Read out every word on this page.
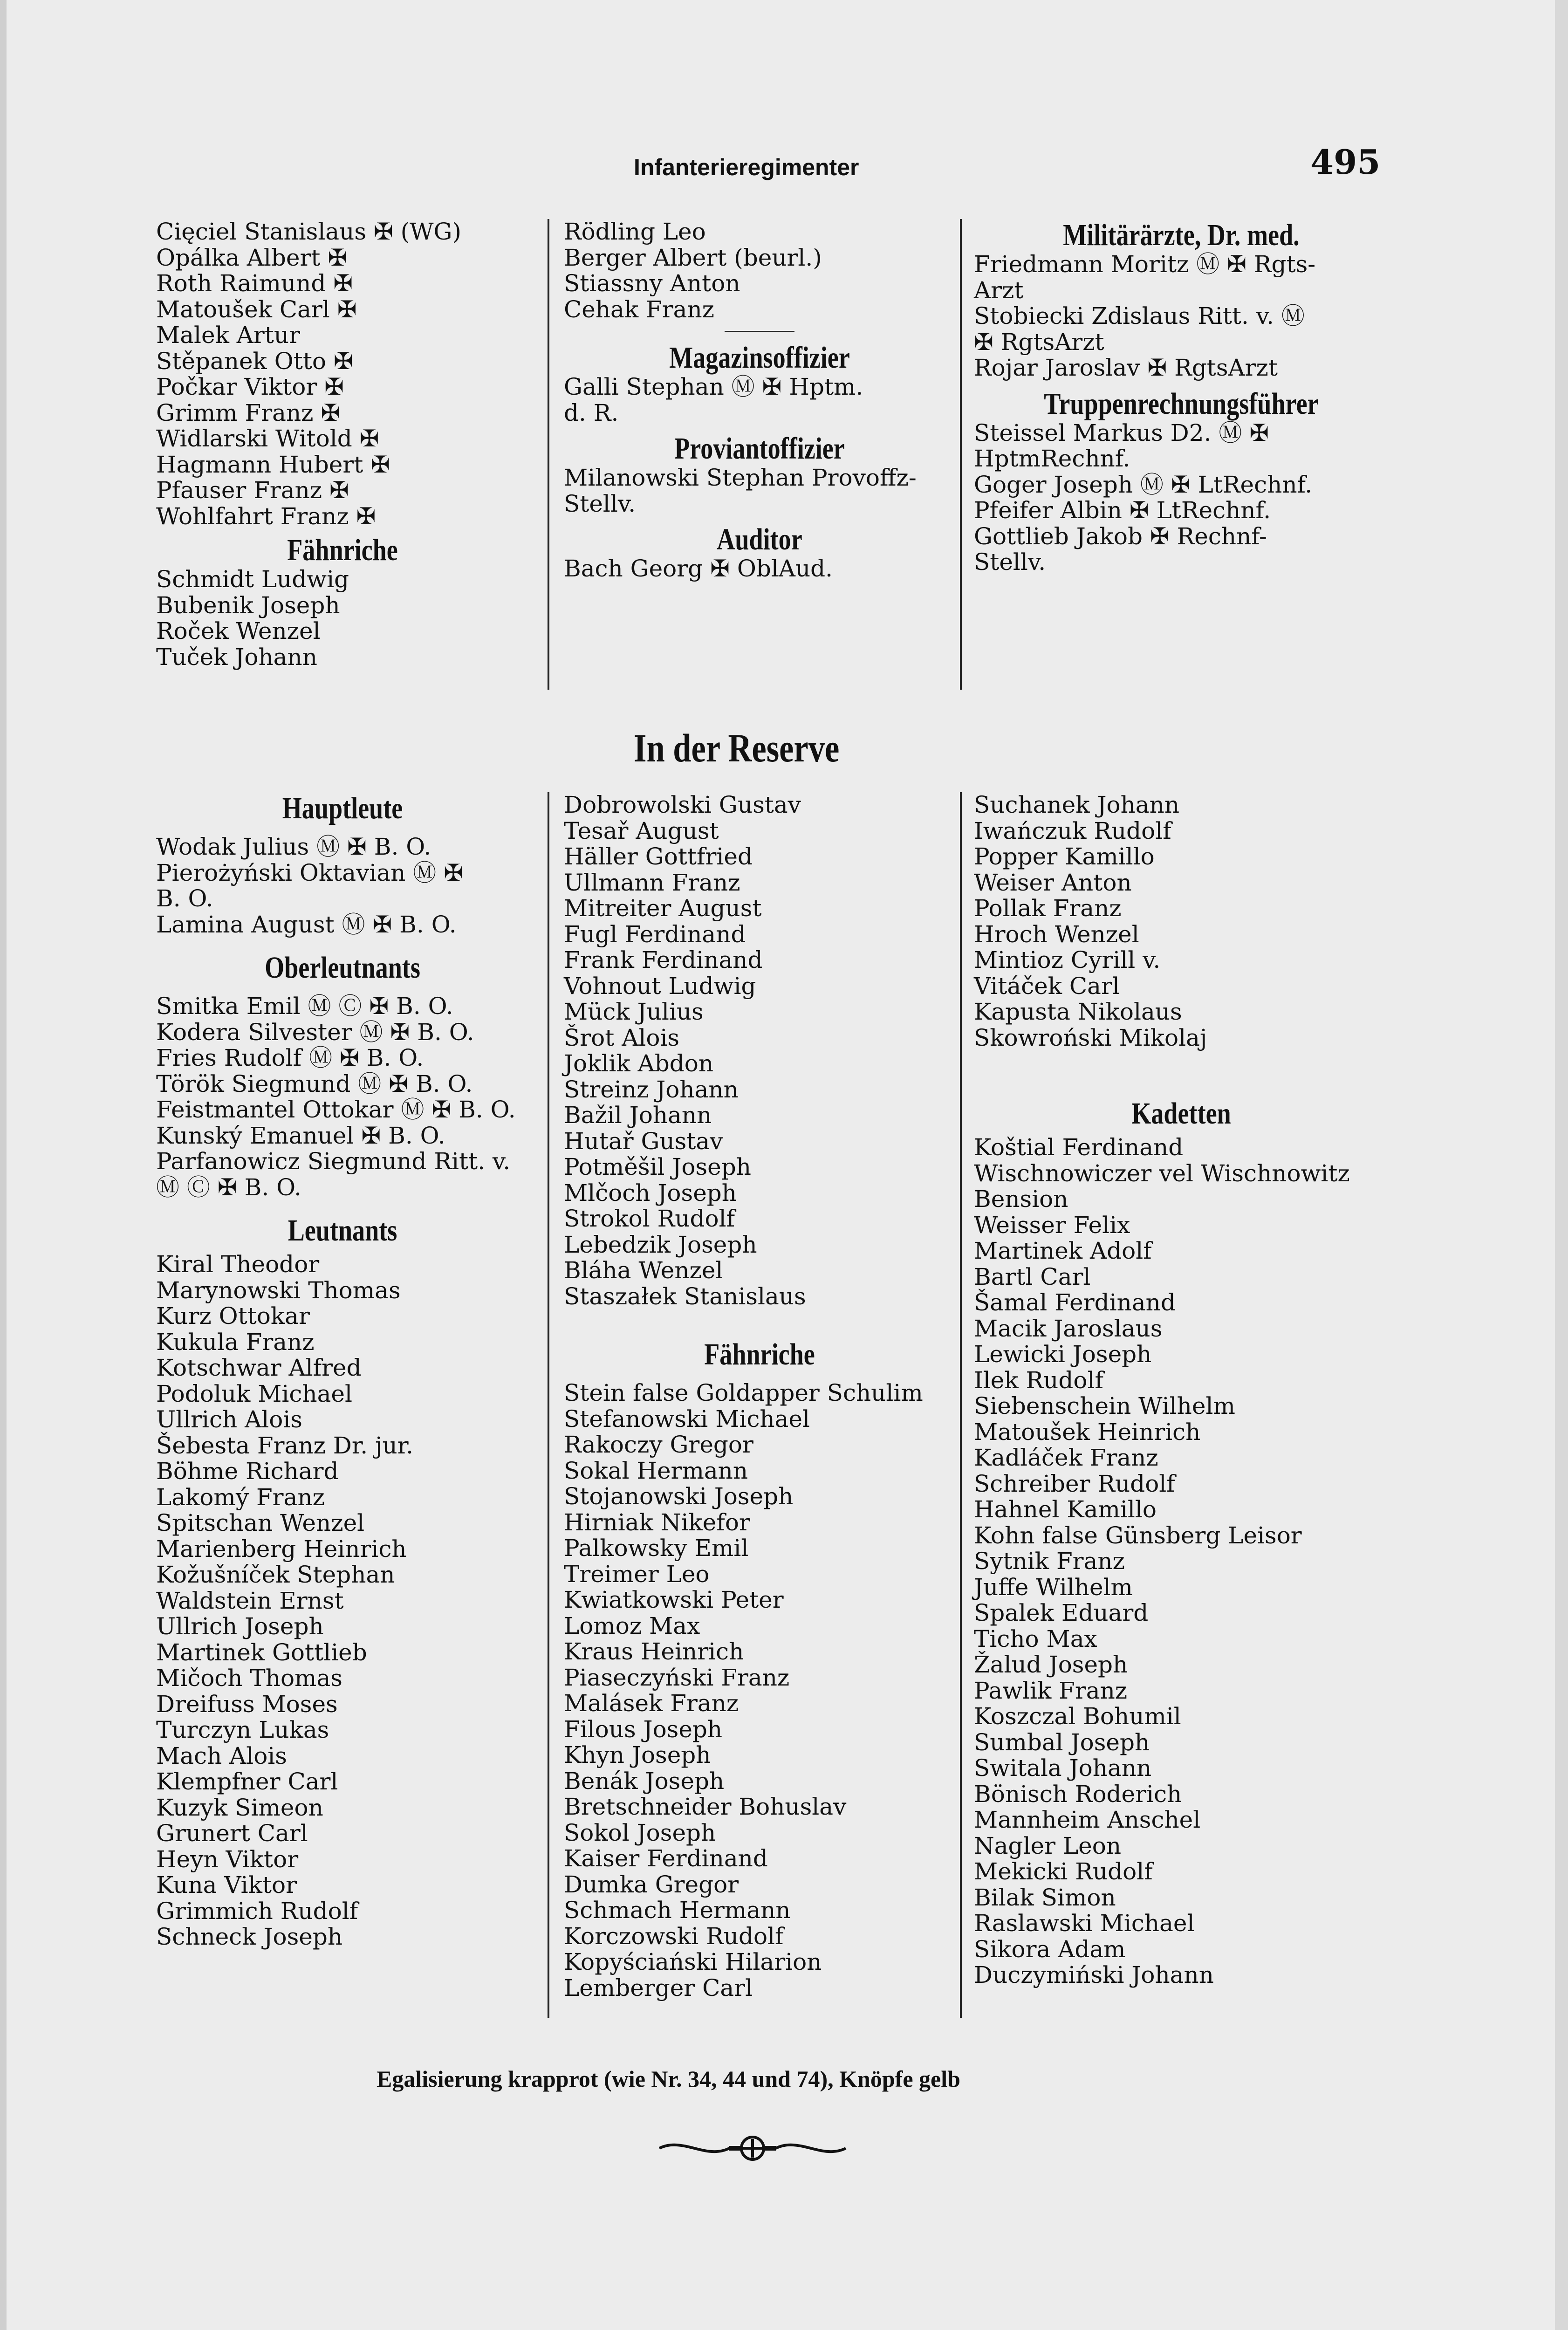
Infanterieregimenter	495
Cięciel Stanislaus ✠ (WG)
Opálka Albert ✠
Roth Raimund ✠
Matoušek Carl ✠
Malek Artur
Stěpanek Otto ✠
Počkar Viktor ✠
Grimm Franz ✠
Widlarski Witold ✠
Hagmann Hubert ✠
Pfauser Franz ✠
Wohlfahrt Franz ✠
Fähnriche
Schmidt Ludwig
Bubenik Joseph
Roček Wenzel
Tuček Johann
Rödling Leo
Berger Albert (beurl.)
Stiassny Anton
Cehak Franz
Magazinsoffizier
Galli Stephan Ⓜ ✠ Hptm.
d. R.
Proviantoffizier
Milanowski Stephan Provoffz-
Stellv.
Auditor
Bach Georg ✠ OblAud.
Militärärzte, Dr. med.
Friedmann Moritz Ⓜ ✠ Rgts-
Arzt
Stobiecki Zdislaus Ritt. v. Ⓜ
✠ RgtsArzt
Rojar Jaroslav ✠ RgtsArzt
Truppenrechnungsführer
Steissel Markus D2. Ⓜ ✠
HptmRechnf.
Goger Joseph Ⓜ ✠ LtRechnf.
Pfeifer Albin ✠ LtRechnf.
Gottlieb Jakob ✠ Rechnf-
Stellv.
In der Reserve
Hauptleute
Wodak Julius Ⓜ ✠ B. O.
Pierożyński Oktavian Ⓜ ✠
B. O.
Lamina August Ⓜ ✠ B. O.
Oberleutnants
Smitka Emil Ⓜ Ⓒ ✠ B. O.
Kodera Silvester Ⓜ ✠ B. O.
Fries Rudolf Ⓜ ✠ B. O.
Török Siegmund Ⓜ ✠ B. O.
Feistmantel Ottokar Ⓜ ✠ B. O.
Kunský Emanuel ✠ B. O.
Parfanowicz Siegmund Ritt. v.
Ⓜ Ⓒ ✠ B. O.
Leutnants
Kiral Theodor
Marynowski Thomas
Kurz Ottokar
Kukula Franz
Kotschwar Alfred
Podoluk Michael
Ullrich Alois
Šebesta Franz Dr. jur.
Böhme Richard
Lakomý Franz
Spitschan Wenzel
Marienberg Heinrich
Kožušníček Stephan
Waldstein Ernst
Ullrich Joseph
Martinek Gottlieb
Mičoch Thomas
Dreifuss Moses
Turczyn Lukas
Mach Alois
Klempfner Carl
Kuzyk Simeon
Grunert Carl
Heyn Viktor
Kuna Viktor
Grimmich Rudolf
Schneck Joseph
Dobrowolski Gustav
Tesař August
Häller Gottfried
Ullmann Franz
Mitreiter August
Fugl Ferdinand
Frank Ferdinand
Vohnout Ludwig
Mück Julius
Šrot Alois
Joklik Abdon
Streinz Johann
Bažil Johann
Hutař Gustav
Potměšil Joseph
Mlčoch Joseph
Strokol Rudolf
Lebedzik Joseph
Bláha Wenzel
Staszałek Stanislaus
Fähnriche
Stein false Goldapper Schulim
Stefanowski Michael
Rakoczy Gregor
Sokal Hermann
Stojanowski Joseph
Hirniak Nikefor
Palkowsky Emil
Treimer Leo
Kwiatkowski Peter
Lomoz Max
Kraus Heinrich
Piaseczyński Franz
Malásek Franz
Filous Joseph
Khyn Joseph
Benák Joseph
Bretschneider Bohuslav
Sokol Joseph
Kaiser Ferdinand
Dumka Gregor
Schmach Hermann
Korczowski Rudolf
Kopyściański Hilarion
Lemberger Carl
Suchanek Johann
Iwańczuk Rudolf
Popper Kamillo
Weiser Anton
Pollak Franz
Hroch Wenzel
Mintioz Cyrill v.
Vitáček Carl
Kapusta Nikolaus
Skowroński Mikolaj
Kadetten
Koštial Ferdinand
Wischnowiczer vel Wischnowitz
Bension
Weisser Felix
Martinek Adolf
Bartl Carl
Šamal Ferdinand
Macik Jaroslaus
Lewicki Joseph
Ilek Rudolf
Siebenschein Wilhelm
Matoušek Heinrich
Kadláček Franz
Schreiber Rudolf
Hahnel Kamillo
Kohn false Günsberg Leisor
Sytnik Franz
Juffe Wilhelm
Spalek Eduard
Ticho Max
Žalud Joseph
Pawlik Franz
Koszczal Bohumil
Sumbal Joseph
Switala Johann
Bönisch Roderich
Mannheim Anschel
Nagler Leon
Mekicki Rudolf
Bilak Simon
Raslawski Michael
Sikora Adam
Duczymiński Johann
Egalisierung krapprot (wie Nr. 34, 44 und 74), Knöpfe gelb
